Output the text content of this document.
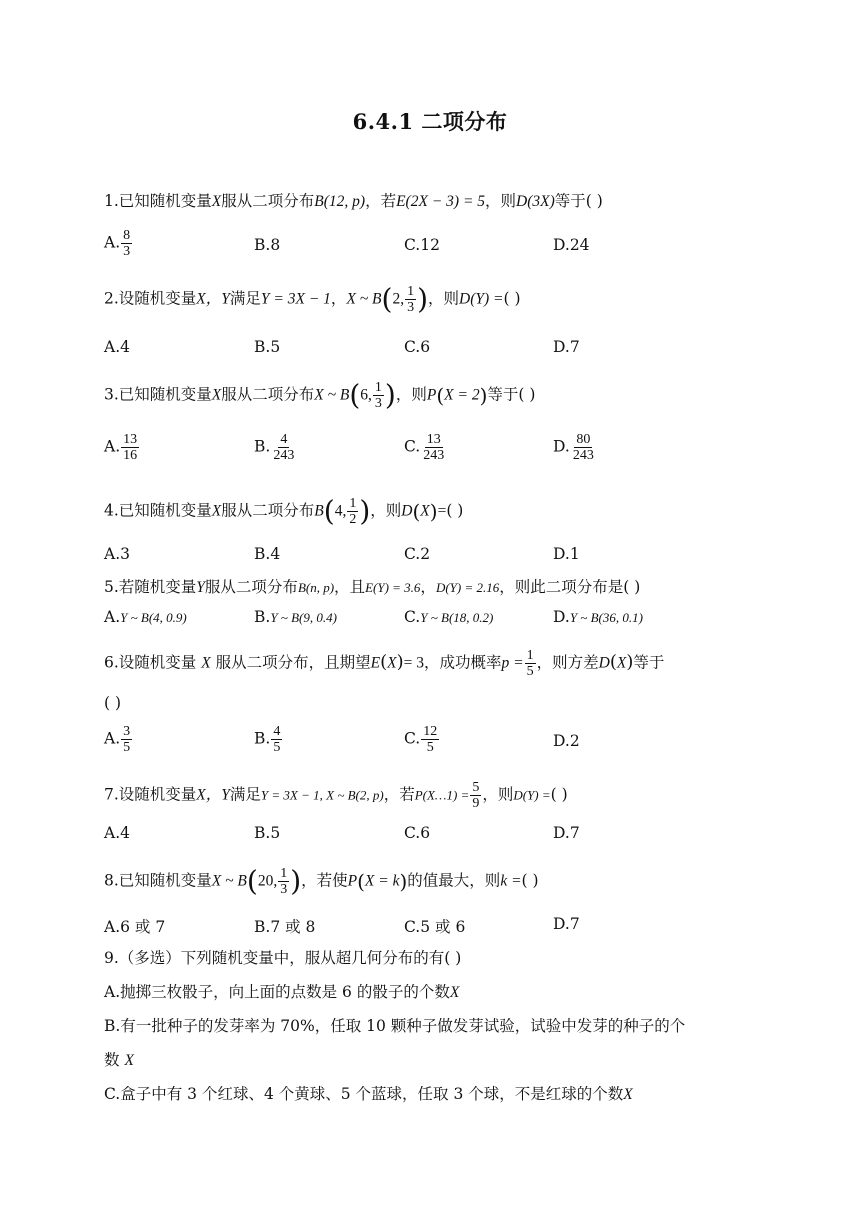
6.4.1 二项分布
1.已知随机变量X服从二项分布B(12, p)，若E(2X − 3) = 5，则D(3X)等于( )
A. $\frac{8}{3}$	B.8	C.12	D.24
2.设随机变量X，Y满足Y = 3X − 1，X ~ B(2, $\frac{1}{3}$ )，则D(Y) =( )
A.4	B.5	C.6	D.7
3.已知随机变量X服从二项分布X ~ B(6, $\frac{1}{3}$ )，则P(X = 2)等于( )
A. $\frac{13}{16}$	B. $\frac{4}{243}$	C. $\frac{13}{243}$	D. $\frac{80}{243}$
4.已知随机变量X服从二项分布B(4, $\frac{1}{2}$ )，则D(X)=( )
A.3	B.4	C.2	D.1
5.若随机变量Y服从二项分布B(n, p)，且E(Y) = 3.6，D(Y) = 2.16，则此二项分布是( )
A.Y ~ B(4, 0.9)	B.Y ~ B(9, 0.4)	C.Y ~ B(18, 0.2)	D.Y ~ B(36, 0.1)
6.设随机变量 X 服从二项分布，且期望E(X)= 3，成功概率$p = \frac{1}{5}$ ，则方差D(X)等于
( )
A. $\frac{3}{5}$	B. $\frac{4}{5}$	C. $\frac{12}{5}$	D.2
7.设随机变量X，Y满足Y = 3X − 1, X ~ B(2, p)，若P(X…1) = $\frac{5}{9}$ ，则D(Y) =( )
A.4	B.5	C.6	D.7
8.已知随机变量X ~ B(20, $\frac{1}{3}$ )，若使P(X = k)的值最大，则k =( )
A.6 或 7	B.7 或 8	C.5 或 6	D.7
9.（多选）下列随机变量中，服从超几何分布的有( )
A.抛掷三枚骰子，向上面的点数是 6 的骰子的个数X
B.有一批种子的发芽率为 70%，任取 10 颗种子做发芽试验，试验中发芽的种子的个
数 X
C.盒子中有 3 个红球、4 个黄球、5 个蓝球，任取 3 个球，不是红球的个数X
